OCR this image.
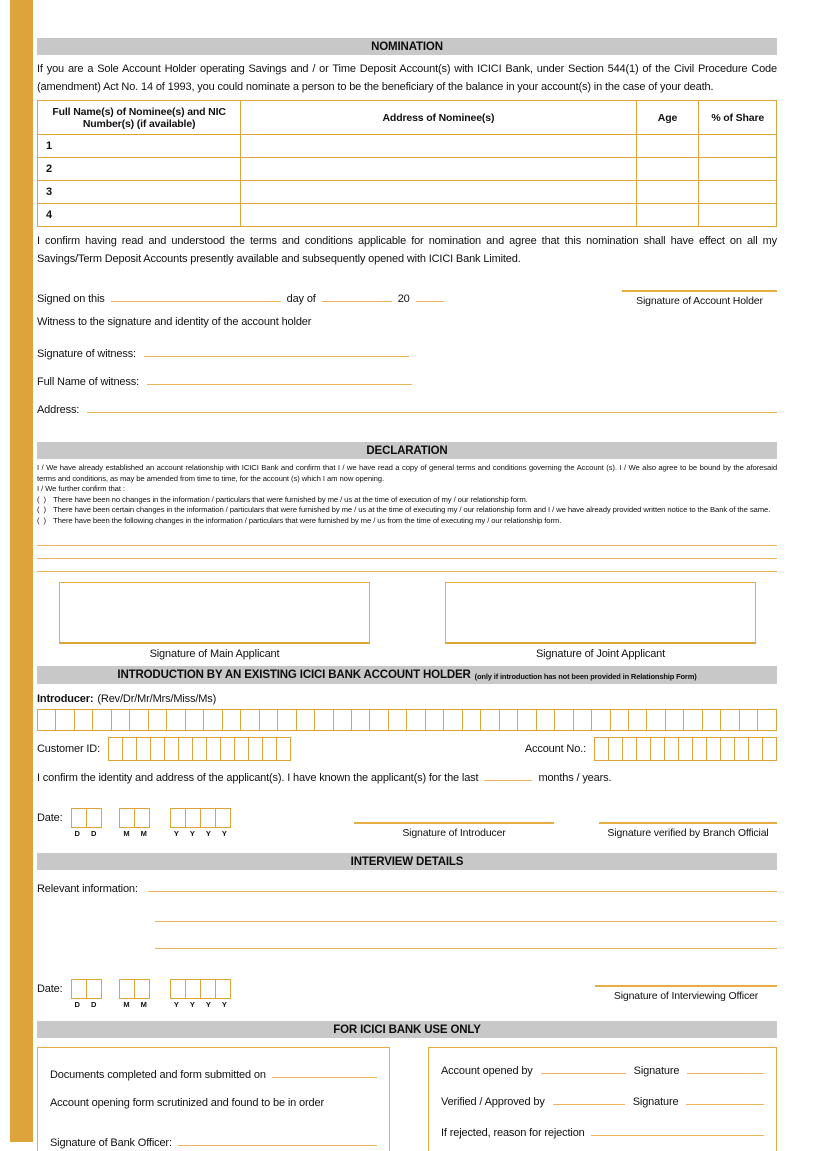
NOMINATION
If you are a Sole Account Holder operating Savings and / or Time Deposit Account(s) with ICICI Bank, under Section 544(1) of the Civil Procedure Code (amendment) Act No. 14 of 1993, you could nominate a person to be the beneficiary of the balance in your account(s) in the case of your death.
Full Name(s) of Nominee(s) and NIC Number(s) (if available)	Address of Nominee(s)	Age	% of Share
1			
2			
3			
4			
I confirm having read and understood the terms and conditions applicable for nomination and agree that this nomination shall have effect on all my Savings/Term Deposit Accounts presently available and subsequently opened with ICICI Bank Limited.
Signed on this	day of	20	Signature of Account Holder
Witness to the signature and identity of the account holder
Signature of witness:
Full Name of witness:
Address:
DECLARATION
I / We have already established an account relationship with ICICI Bank and confirm that I / we have read a copy of general terms and conditions governing the Account (s). I / We also agree to be bound by the aforesaid terms and conditions, as may be amended from time to time, for the account (s) which I am now opening.
I / We further confirm that :
(  ) There have been no changes in the information / particulars that were furnished by me / us at the time of execution of my / our relationship form.
(  ) There have been certain changes in the information / particulars that were furnished by me / us at the time of executing my / our relationship form and I / we have already provided written notice to the Bank of the same.
(  ) There have been the following changes in the information / particulars that were furnished by me / us from the time of executing my / our relationship form.
Signature of Main Applicant	Signature of Joint Applicant
INTRODUCTION BY AN EXISTING ICICI BANK ACCOUNT HOLDER (only if introduction has not been provided in Relationship Form)
Introducer: (Rev/Dr/Mr/Mrs/Miss/Ms)
Customer ID:	Account No.:
I confirm the identity and address of the applicant(s). I have known the applicant(s) for the last	months / years.
Date:
DD	MM	YYYY	Signature of Introducer	Signature verified by Branch Official
INTERVIEW DETAILS
Relevant information:
Date:
DD	MM	YYYY
Signature of Interviewing Officer
FOR ICICI BANK USE ONLY
Documents completed and form submitted on
Account opening form scrutinized and found to be in order
Signature of Bank Officer:
Account opened by	Signature
Verified / Approved by	Signature
If rejected, reason for rejection
